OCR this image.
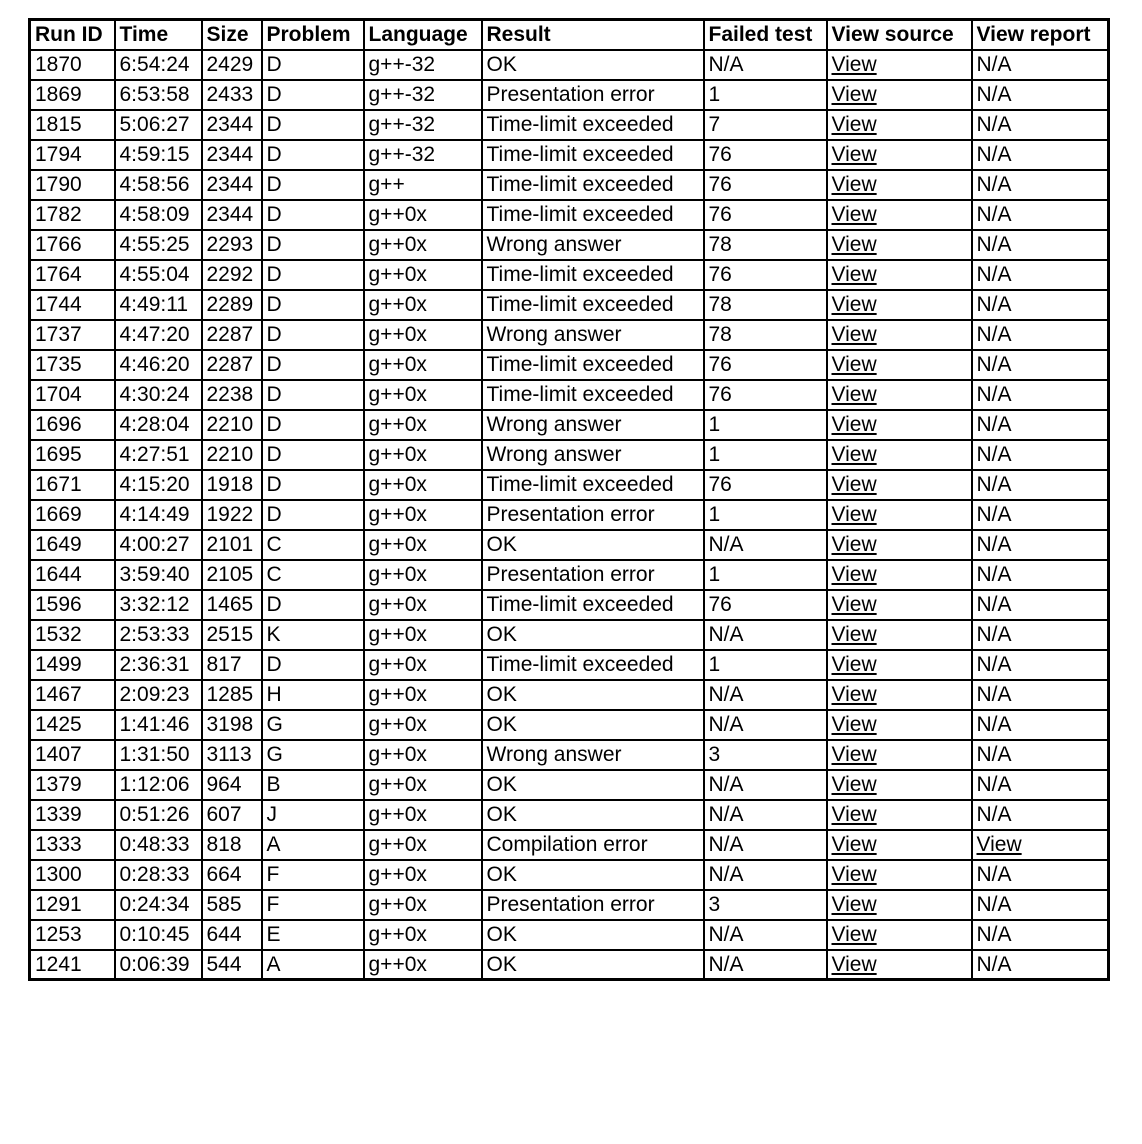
Run ID	Time	Size	Problem	Language	Result	Failed test	View source	View report
1870	6:54:24	2429	D	g++-32	OK	N/A	View	N/A
1869	6:53:58	2433	D	g++-32	Presentation error	1	View	N/A
1815	5:06:27	2344	D	g++-32	Time-limit exceeded	7	View	N/A
1794	4:59:15	2344	D	g++-32	Time-limit exceeded	76	View	N/A
1790	4:58:56	2344	D	g++	Time-limit exceeded	76	View	N/A
1782	4:58:09	2344	D	g++0x	Time-limit exceeded	76	View	N/A
1766	4:55:25	2293	D	g++0x	Wrong answer	78	View	N/A
1764	4:55:04	2292	D	g++0x	Time-limit exceeded	76	View	N/A
1744	4:49:11	2289	D	g++0x	Time-limit exceeded	78	View	N/A
1737	4:47:20	2287	D	g++0x	Wrong answer	78	View	N/A
1735	4:46:20	2287	D	g++0x	Time-limit exceeded	76	View	N/A
1704	4:30:24	2238	D	g++0x	Time-limit exceeded	76	View	N/A
1696	4:28:04	2210	D	g++0x	Wrong answer	1	View	N/A
1695	4:27:51	2210	D	g++0x	Wrong answer	1	View	N/A
1671	4:15:20	1918	D	g++0x	Time-limit exceeded	76	View	N/A
1669	4:14:49	1922	D	g++0x	Presentation error	1	View	N/A
1649	4:00:27	2101	C	g++0x	OK	N/A	View	N/A
1644	3:59:40	2105	C	g++0x	Presentation error	1	View	N/A
1596	3:32:12	1465	D	g++0x	Time-limit exceeded	76	View	N/A
1532	2:53:33	2515	K	g++0x	OK	N/A	View	N/A
1499	2:36:31	817	D	g++0x	Time-limit exceeded	1	View	N/A
1467	2:09:23	1285	H	g++0x	OK	N/A	View	N/A
1425	1:41:46	3198	G	g++0x	OK	N/A	View	N/A
1407	1:31:50	3113	G	g++0x	Wrong answer	3	View	N/A
1379	1:12:06	964	B	g++0x	OK	N/A	View	N/A
1339	0:51:26	607	J	g++0x	OK	N/A	View	N/A
1333	0:48:33	818	A	g++0x	Compilation error	N/A	View	View
1300	0:28:33	664	F	g++0x	OK	N/A	View	N/A
1291	0:24:34	585	F	g++0x	Presentation error	3	View	N/A
1253	0:10:45	644	E	g++0x	OK	N/A	View	N/A
1241	0:06:39	544	A	g++0x	OK	N/A	View	N/A
